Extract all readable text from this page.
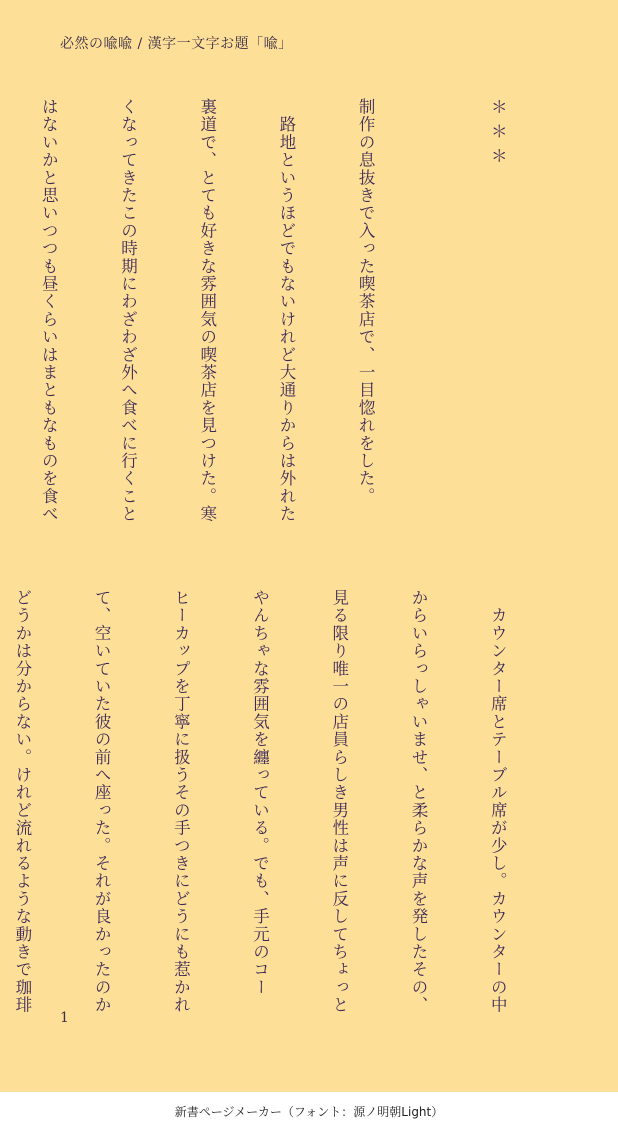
必然の喩喩 / 漢字一文字お題「喩」

＊＊＊

制作の息抜きで入った喫茶店で、一目惚れをした。

　路地というほどでもないけれど大通りからは外れた

裏道で、とても好きな雰囲気の喫茶店を見つけた。寒

くなってきたこの時期にわざわざ外へ食べに行くこと

はないかと思いつつも昼くらいはまともなものを食べ

　カウンター席とテーブル席が少し。カウンターの中

からいらっしゃいませ、と柔らかな声を発したその、

見る限り唯一の店員らしき男性は声に反してちょっと

やんちゃな雰囲気を纏っている。でも、手元のコー

ヒーカップを丁寧に扱うその手つきにどうにも惹かれ

て、空いていた彼の前へ座った。それが良かったのか

どうかは分からない。けれど流れるような動きで珈琲

1
新書ページメーカー（フォント：源ノ明朝Light）
